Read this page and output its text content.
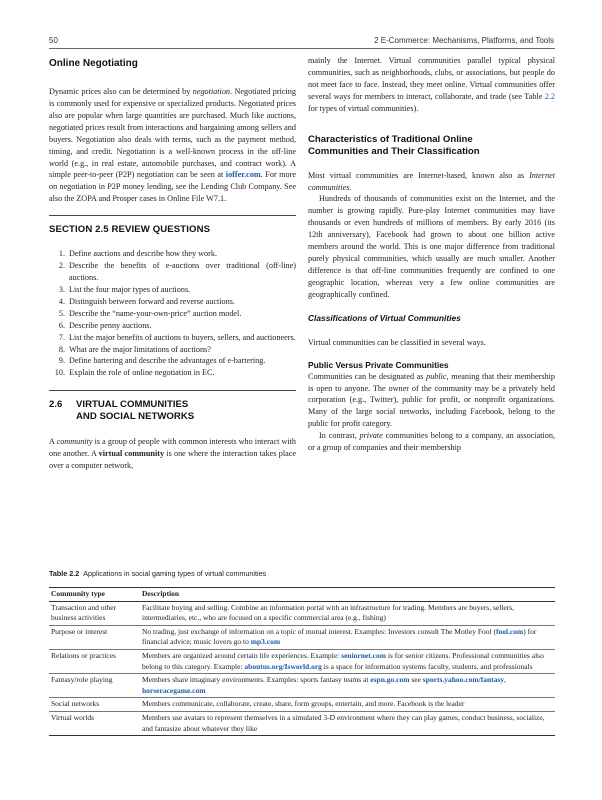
50	2 E-Commerce: Mechanisms, Platforms, and Tools
Online Negotiating

Dynamic prices also can be determined by negotiation. Negotiated pricing is commonly used for expensive or specialized products. Negotiated prices also are popular when large quantities are purchased. Much like auctions, negotiated prices result from interactions and bargaining among sellers and buyers. Negotiation also deals with terms, such as the payment method, timing, and credit. Negotiation is a well-known process in the off-line world (e.g., in real estate, automobile purchases, and contract work). A simple peer-to-peer (P2P) negotiation can be seen at ioffer.com. For more on negotiation in P2P money lending, see the Lending Club Company. See also the ZOPA and Prosper cases in Online File W7.1.

SECTION 2.5 REVIEW QUESTIONS
1. Define auctions and describe how they work.
2. Describe the benefits of e-auctions over traditional (off-line) auctions.
3. List the four major types of auctions.
4. Distinguish between forward and reverse auctions.
5. Describe the “name-your-own-price” auction model.
6. Describe penny auctions.
7. List the major benefits of auctions to buyers, sellers, and auctioneers.
8. What are the major limitations of auctions?
9. Define bartering and describe the advantages of e-bartering.
10. Explain the role of online negotiation in EC.
2.6 VIRTUAL COMMUNITIES
AND SOCIAL NETWORKS

A community is a group of people with common interests who interact with one another. A virtual community is one where the interaction takes place over a computer network,

mainly the Internet. Virtual communities parallel typical physical communities, such as neighborhoods, clubs, or associations, but people do not meet face to face. Instead, they meet online. Virtual communities offer several ways for members to interact, collaborate, and trade (see Table 2.2 for types of virtual communities).

Characteristics of Traditional Online Communities and Their Classification

Most virtual communities are Internet-based, known also as Internet communities.

Hundreds of thousands of communities exist on the Internet, and the number is growing rapidly. Pure-play Internet communities may have thousands or even hundreds of millions of members. By early 2016 (its 12th anniversary), Facebook had grown to about one billion active members around the world. This is one major difference from traditional purely physical communities, which usually are much smaller. Another difference is that off-line communities frequently are confined to one geographic location, whereas very a few online communities are geographically confined.

Classifications of Virtual Communities

Virtual communities can be classified in several ways.

Public Versus Private Communities

Communities can be designated as public, meaning that their membership is open to anyone. The owner of the community may be a privately held corporation (e.g., Twitter), public for profit, or nonprofit organizations. Many of the large social networks, including Facebook, belong to the public for profit category.

In contrast, private communities belong to a company, an association, or a group of companies and their membership

Table 2.2 Applications in social gaming types of virtual communities
Community type	Description
Transaction and other business activities	Facilitate buying and selling. Combine an information portal with an infrastructure for trading. Members are buyers, sellers, intermediaries, etc., who are focused on a specific commercial area (e.g., fishing)
Purpose or interest	No trading, just exchange of information on a topic of mutual interest. Examples: Investors consult The Motley Fool (fool.com) for financial advice; music lovers go to mp3.com
Relations or practices	Members are organized around certain life experiences. Example: seniornet.com is for senior citizens. Professional communities also belong to this category. Example: aboutus.org/Isworld.org is a space for information systems faculty, students, and professionals
Fantasy/role playing	Members share imaginary environments. Examples: sports fantasy teams at espn.go.com see sports.yahoo.com/fantasy, horseracegame.com
Social networks	Members communicate, collaborate, create, share, form groups, entertain, and more. Facebook is the leader
Virtual worlds	Members use avatars to represent themselves in a simulated 3-D environment where they can play games, conduct business, socialize, and fantasize about whatever they like
